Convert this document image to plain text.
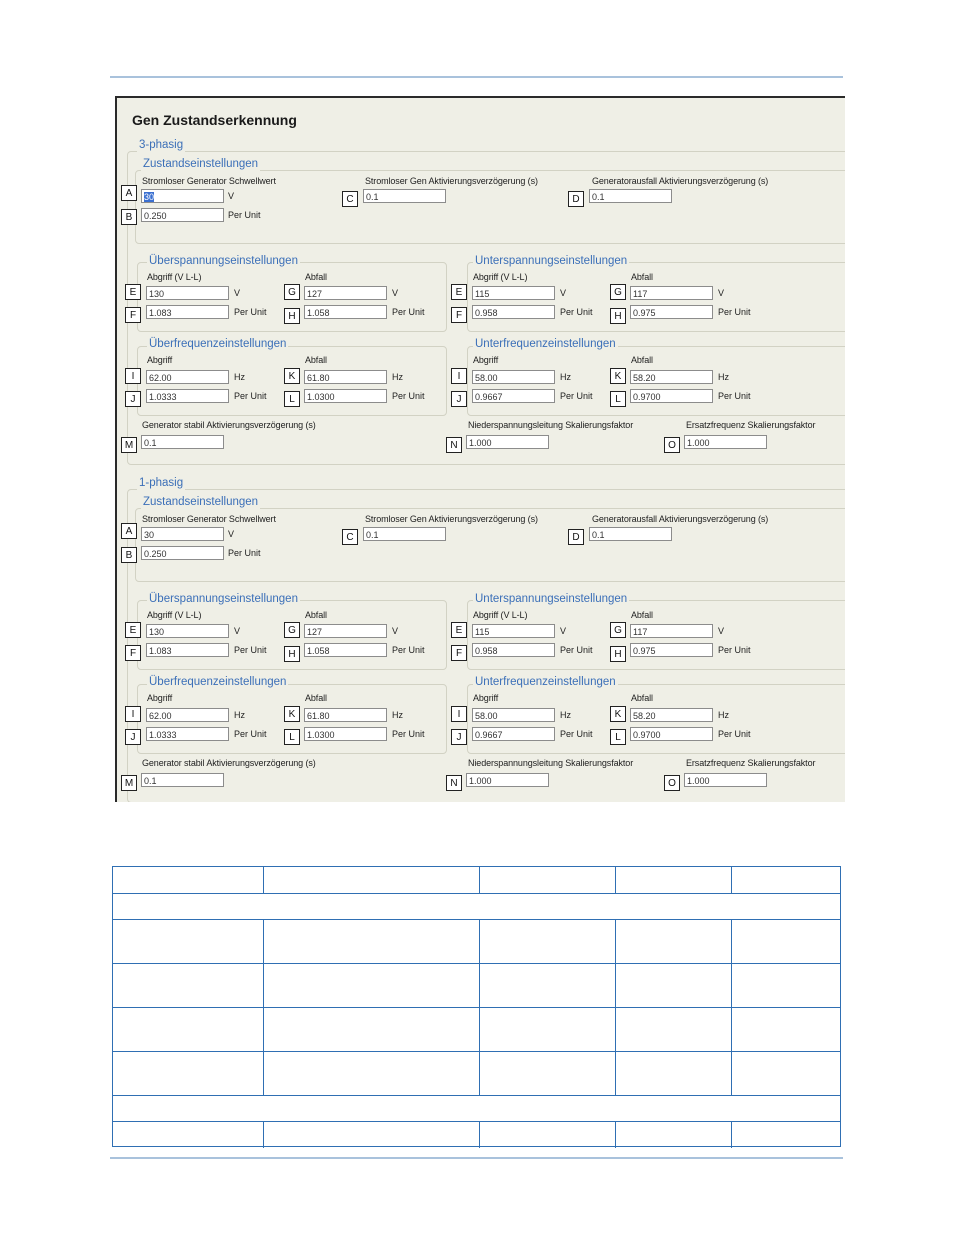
Gen Zustandserkennung
3-phasig
Zustandseinstellungen
Stromloser Generator Schwellwert
A	30	V
B	0.250	Per Unit
Stromloser Gen Aktivierungsverzögerung (s)
C	0.1
Generatorausfall Aktivierungsverzögerung (s)
D	0.1
Überspannungseinstellungen
Abgriff (V L-L)
E	130	V
F	1.083	Per Unit
Abfall
G	127	V
H	1.058	Per Unit
Unterspannungseinstellungen
Abgriff (V L-L)
E	115	V
F	0.958	Per Unit
Abfall
G	117	V
H	0.975	Per Unit
Überfrequenzeinstellungen
Abgriff
I	62.00	Hz
J	1.0333	Per Unit
Abfall
K	61.80	Hz
L	1.0300	Per Unit
Unterfrequenzeinstellungen
Abgriff
I	58.00	Hz
J	0.9667	Per Unit
Abfall
K	58.20	Hz
L	0.9700	Per Unit
Generator stabil Aktivierungsverzögerung (s)
M	0.1
Niederspannungsleitung Skalierungsfaktor
N	1.000
Ersatzfrequenz Skalierungsfaktor
O	1.000
1-phasig
Zustandseinstellungen
Stromloser Generator Schwellwert
A	30	V
B	0.250	Per Unit
Stromloser Gen Aktivierungsverzögerung (s)
C	0.1
Generatorausfall Aktivierungsverzögerung (s)
D	0.1
Überspannungseinstellungen
Abgriff (V L-L)
E	130	V
F	1.083	Per Unit
Abfall
G	127	V
H	1.058	Per Unit
Unterspannungseinstellungen
Abgriff (V L-L)
E	115	V
F	0.958	Per Unit
Abfall
G	117	V
H	0.975	Per Unit
Überfrequenzeinstellungen
Abgriff
I	62.00	Hz
J	1.0333	Per Unit
Abfall
K	61.80	Hz
L	1.0300	Per Unit
Unterfrequenzeinstellungen
Abgriff
I	58.00	Hz
J	0.9667	Per Unit
Abfall
K	58.20	Hz
L	0.9700	Per Unit
Generator stabil Aktivierungsverzögerung (s)
M	0.1
Niederspannungsleitung Skalierungsfaktor
N	1.000
Ersatzfrequenz Skalierungsfaktor
O	1.000
